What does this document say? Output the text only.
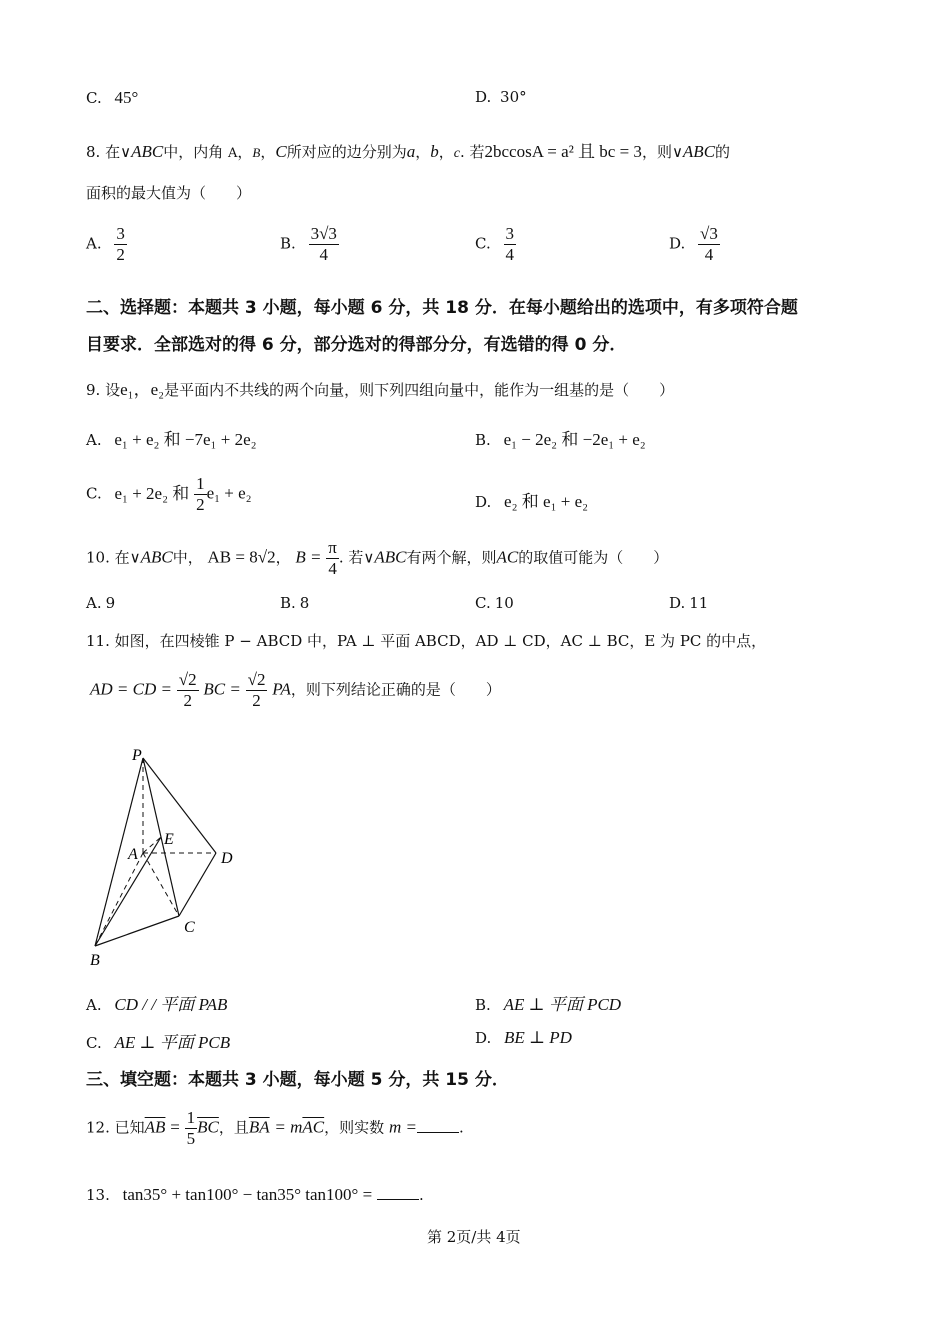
C. 45°	D. 30°
8. 在∨ABC中，内角 A，B，C所对应的边分别为a，b，c. 若2bccosA = a² 且 bc = 3，则∨ABC的
面积的最大值为（　　）
A. $\frac{3}{2}$	B. $\frac{3√3}{4}$	C. $\frac{3}{4}$	D. $\frac{√3}{4}$
二、选择题：本题共 3 小题，每小题 6 分，共 18 分．在每小题给出的选项中，有多项符合题
目要求．全部选对的得 6 分，部分选对的得部分分，有选错的得 0 分．
9. 设e₁，e₂是平面内不共线的两个向量，则下列四组向量中，能作为一组基的是（　　）
A. e₁ + e₂ 和 −7e₁ + 2e₂	B. e₁ − 2e₂ 和 −2e₁ + e₂
C. e₁ + 2e₂ 和 $\frac{1}{2} e_1 + e_2$	D. e₂ 和 e₁ + e₂
10. 在∨ABC中， AB = 8√2， $B = \frac{\pi}{4}$ . 若∨ABC有两个解，则AC的取值可能为（　　）
A. 9	B. 8	C. 10	D. 11
11. 如图，在四棱锥 P − ABCD 中，PA ⊥ 平面 ABCD，AD ⊥ CD，AC ⊥ BC，E 为 PC 的中点，
AD = CD = $\frac{√2}{2}$ BC = $\frac{√2}{2}$ PA，则下列结论正确的是（　　）
P
A
E
D
C
B
A. CD / / 平面 PAB	B. AE ⊥ 平面 PCD
C. AE ⊥ 平面 PCB	D. BE ⊥ PD
三、填空题：本题共 3 小题，每小题 5 分，共 15 分．
12. 已知$\overline{AB} = \frac{1}{5} \overline{BC}$，且$\overline{BA} = m\overline{AC}$，则实数 m =	.
13. tan35° + tan100° − tan35° tan100° =	.
第 2页/共 4页
